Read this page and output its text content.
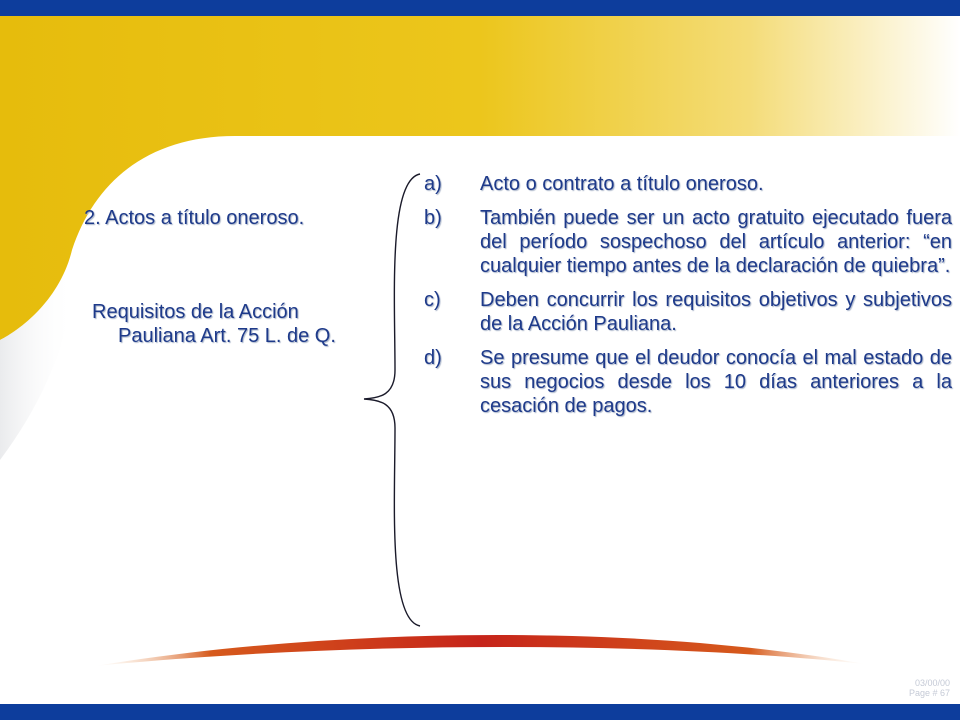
2. Actos a título oneroso.
Requisitos de la Acción
Pauliana Art. 75 L. de Q.
a) Acto o contrato a título oneroso.
b) También puede ser un acto gratuito ejecutado fuera del período sospechoso del artículo anterior: “en cualquier tiempo antes de la declaración de quiebra”.
c) Deben concurrir los requisitos objetivos y subjetivos de la Acción Pauliana.
d) Se presume que el deudor conocía el mal estado de sus negocios desde los 10 días anteriores a la cesación de pagos.
03/00/00
Page # 67
